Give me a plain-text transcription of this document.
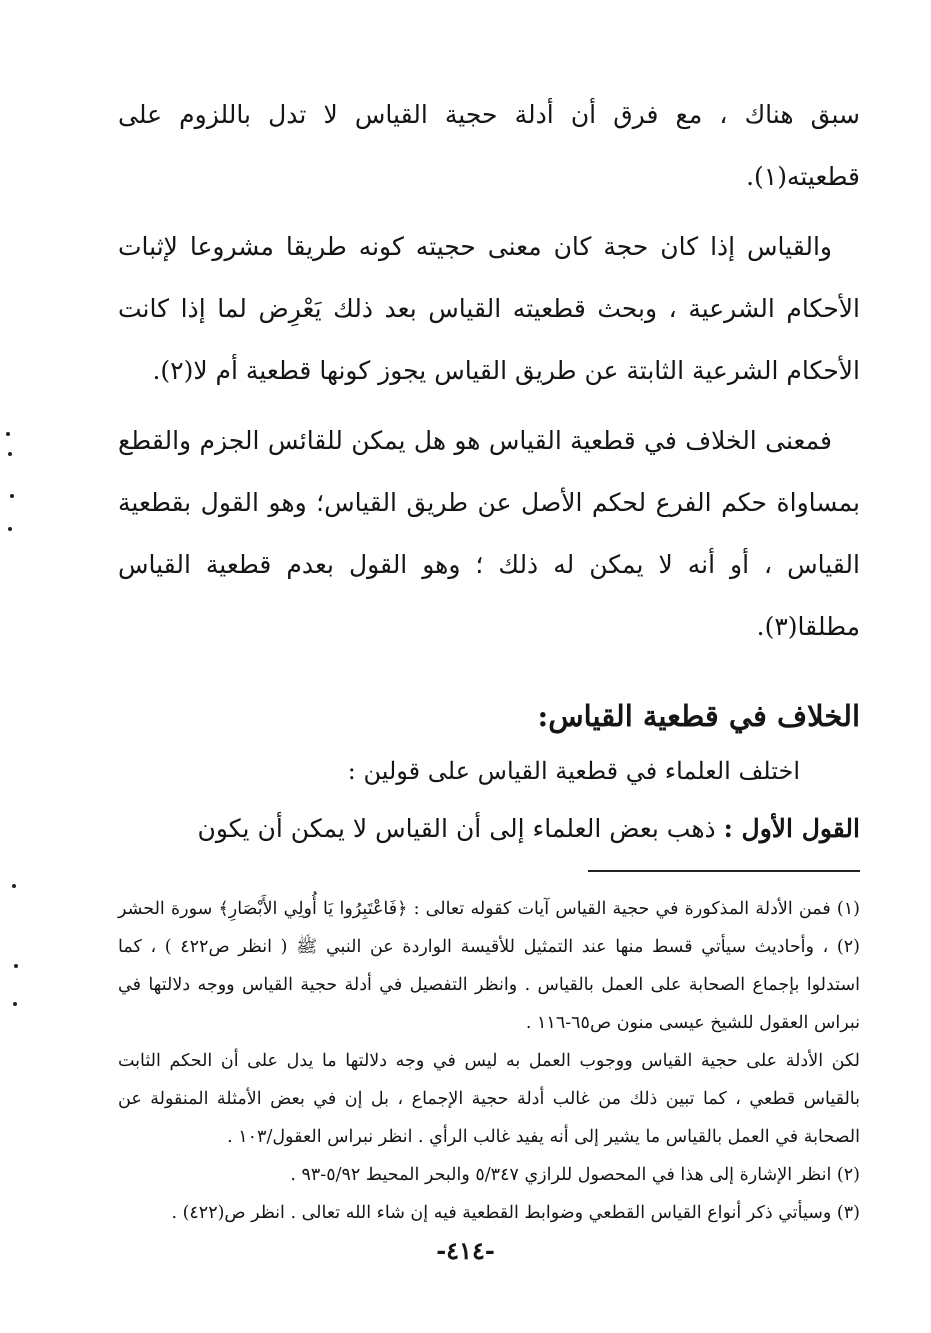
سبق هناك ، مع فرق أن أدلة حجية القياس لا تدل باللزوم على قطعيته(١).

والقياس إذا كان حجة كان معنى حجيته كونه طريقا مشروعا لإثبات الأحكام الشرعية ، وبحث قطعيته القياس بعد ذلك يَعْرِض لما إذا كانت الأحكام الشرعية الثابتة عن طريق القياس يجوز كونها قطعية أم لا(٢).

فمعنى الخلاف في قطعية القياس هو هل يمكن للقائس الجزم والقطع بمساواة حكم الفرع لحكم الأصل عن طريق القياس؛ وهو القول بقطعية القياس ، أو أنه لا يمكن له ذلك ؛ وهو القول بعدم قطعية القياس مطلقا(٣).

الخلاف في قطعية القياس:

اختلف العلماء في قطعية القياس على قولين :

القول الأول : ذهب بعض العلماء إلى أن القياس لا يمكن أن يكون

(١) فمن الأدلة المذكورة في حجية القياس آيات كقوله تعالى : ﴿فَاعْتَبِرُوا يَا أُولِي الأَبْصَارِ﴾ سورة الحشر (٢) ، وأحاديث سيأتي قسط منها عند التمثيل للأقيسة الواردة عن النبي ﷺ ( انظر ص٤٢٢ ) ، كما استدلوا بإجماع الصحابة على العمل بالقياس . وانظر التفصيل في أدلة حجية القياس ووجه دلالتها في نبراس العقول للشيخ عيسى منون ص٦٥-١١٦ .

لكن الأدلة على حجية القياس ووجوب العمل به ليس في وجه دلالتها ما يدل على أن الحكم الثابت بالقياس قطعي ، كما تبين ذلك من غالب أدلة حجية الإجماع ، بل إن في بعض الأمثلة المنقولة عن الصحابة في العمل بالقياس ما يشير إلى أنه يفيد غالب الرأي . انظر نبراس العقول/١٠٣ .

(٢) انظر الإشارة إلى هذا في المحصول للرازي ٥/٣٤٧ والبحر المحيط ٥/٩٢-٩٣ .

(٣) وسيأتي ذكر أنواع القياس القطعي وضوابط القطعية فيه إن شاء الله تعالى . انظر ص(٤٢٢) .

-٤١٤-
